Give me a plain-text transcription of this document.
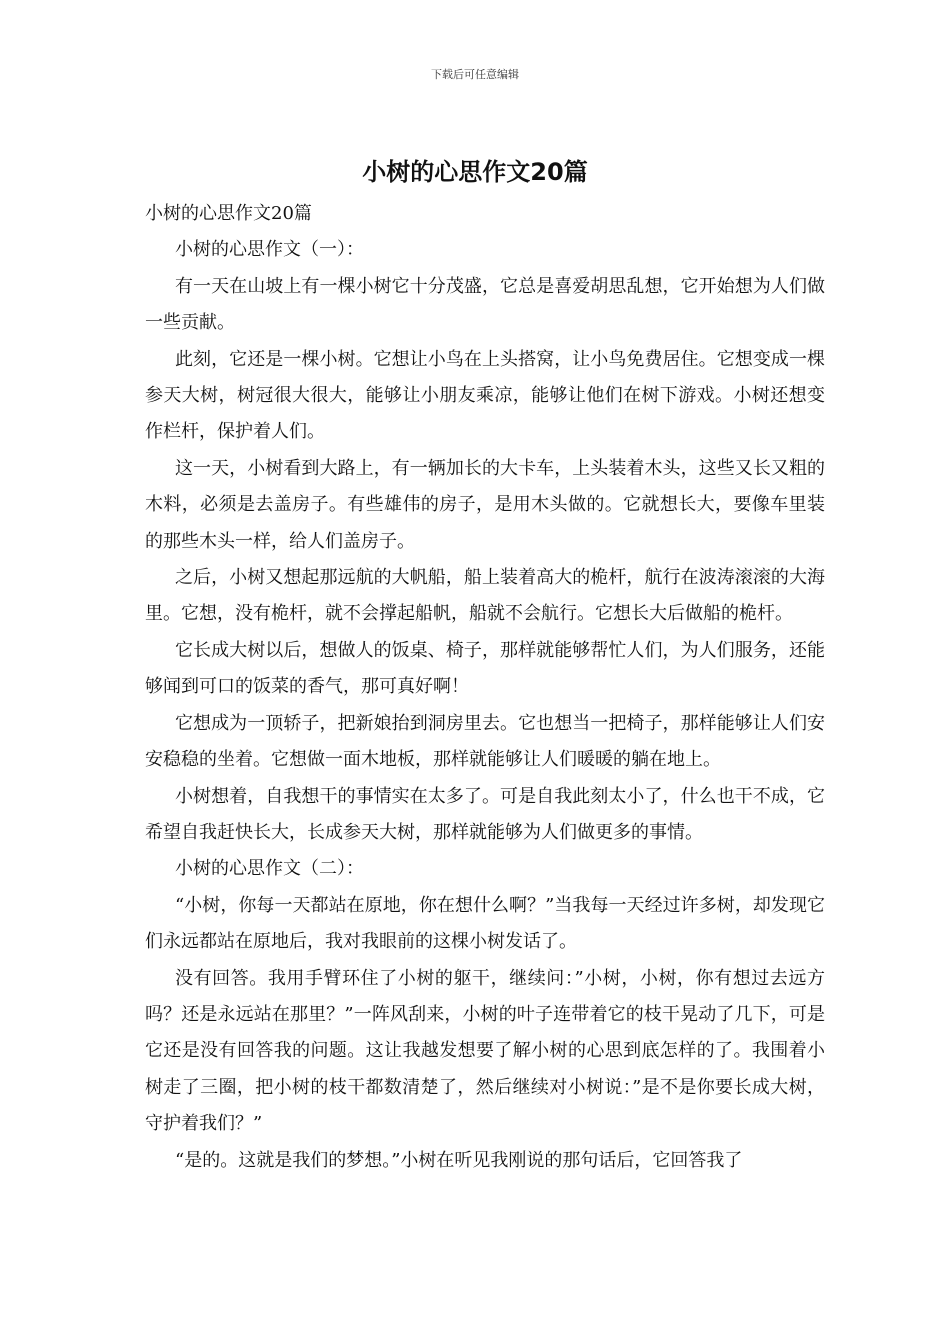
下载后可任意编辑
小树的心思作文20篇

小树的心思作文20篇

小树的心思作文（一）：

有一天在山坡上有一棵小树它十分茂盛，它总是喜爱胡思乱想，它开始想为人们做一些贡献。

此刻，它还是一棵小树。它想让小鸟在上头搭窝，让小鸟免费居住。它想变成一棵参天大树，树冠很大很大，能够让小朋友乘凉，能够让他们在树下游戏。小树还想变作栏杆，保护着人们。

这一天，小树看到大路上，有一辆加长的大卡车，上头装着木头，这些又长又粗的木料，必须是去盖房子。有些雄伟的房子，是用木头做的。它就想长大，要像车里装的那些木头一样，给人们盖房子。

之后，小树又想起那远航的大帆船，船上装着高大的桅杆，航行在波涛滚滚的大海里。它想，没有桅杆，就不会撑起船帆，船就不会航行。它想长大后做船的桅杆。

它长成大树以后，想做人的饭桌、椅子，那样就能够帮忙人们，为人们服务，还能够闻到可口的饭菜的香气，那可真好啊！

它想成为一顶轿子，把新娘抬到洞房里去。它也想当一把椅子，那样能够让人们安安稳稳的坐着。它想做一面木地板，那样就能够让人们暖暖的躺在地上。

小树想着，自我想干的事情实在太多了。可是自我此刻太小了，什么也干不成，它希望自我赶快长大，长成参天大树，那样就能够为人们做更多的事情。

小树的心思作文（二）：

“小树，你每一天都站在原地，你在想什么啊？”当我每一天经过许多树，却发现它们永远都站在原地后，我对我眼前的这棵小树发话了。

没有回答。我用手臂环住了小树的躯干，继续问：”小树，小树，你有想过去远方吗？还是永远站在那里？”一阵风刮来，小树的叶子连带着它的枝干晃动了几下，可是它还是没有回答我的问题。这让我越发想要了解小树的心思到底怎样的了。我围着小树走了三圈，把小树的枝干都数清楚了，然后继续对小树说：”是不是你要长成大树，守护着我们？”

“是的。这就是我们的梦想。”小树在听见我刚说的那句话后，它回答我了
